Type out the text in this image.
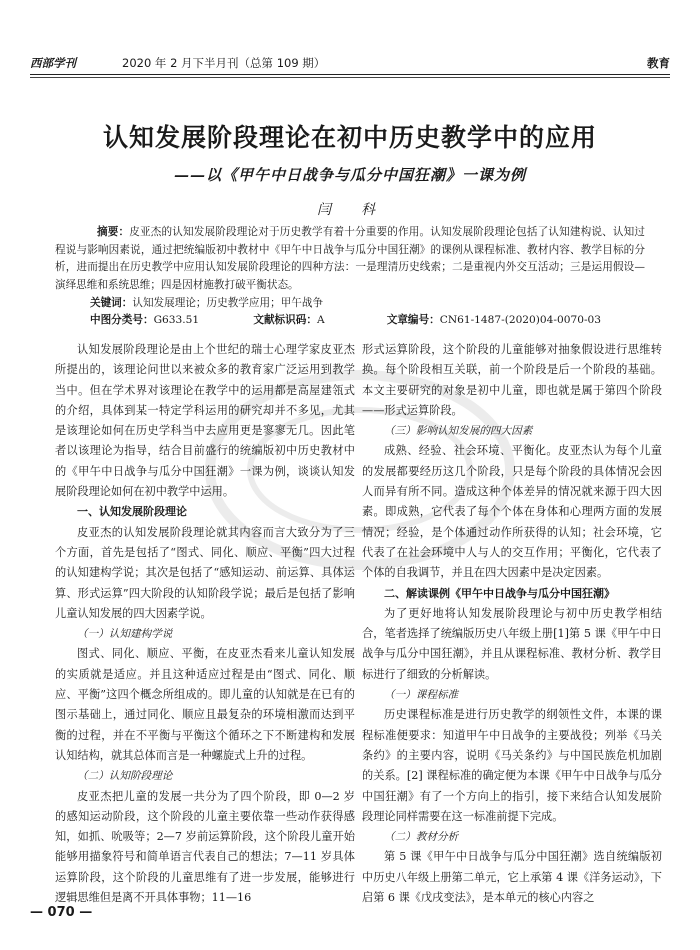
西部学刊	2020 年 2 月下半月刊（总第 109 期）	教育
认知发展阶段理论在初中历史教学中的应用
——以《甲午中日战争与瓜分中国狂潮》一课为例
闫　科
摘要：皮亚杰的认知发展阶段理论对于历史教学有着十分重要的作用。认知发展阶段理论包括了认知建构说、认知过程说与影响因素说，通过把统编版初中教材中《甲午中日战争与瓜分中国狂潮》的课例从课程标准、教材内容、教学目标的分析，进而提出在历史教学中应用认知发展阶段理论的四种方法：一是理清历史线索；二是重视内外交互活动；三是运用假设—演绎思维和系统思维；四是因材施教打破平衡状态。
关键词：认知发展理论；历史教学应用；甲午战争
中图分类号：G633.51	文献标识码：A	文章编号：CN61-1487-(2020)04-0070-03

认知发展阶段理论是由上个世纪的瑞士心理学家皮亚杰所提出的，该理论问世以来被众多的教育家广泛运用到教学当中。但在学术界对该理论在教学中的运用都是高屋建瓴式的介绍，具体到某一特定学科运用的研究却并不多见，尤其是该理论如何在历史学科当中去应用更是寥寥无几。因此笔者以该理论为指导，结合目前盛行的统编版初中历史教材中的《甲午中日战争与瓜分中国狂潮》一课为例，谈谈认知发展阶段理论如何在初中教学中运用。

一、认知发展阶段理论

皮亚杰的认知发展阶段理论就其内容而言大致分为了三个方面，首先是包括了“图式、同化、顺应、平衡”四大过程的认知建构学说；其次是包括了“感知运动、前运算、具体运算、形式运算”四大阶段的认知阶段学说；最后是包括了影响儿童认知发展的四大因素学说。

（一）认知建构学说

图式、同化、顺应、平衡，在皮亚杰看来儿童认知发展的实质就是适应。并且这种适应过程是由“图式、同化、顺应、平衡”这四个概念所组成的。即儿童的认知就是在已有的图示基础上，通过同化、顺应且最复杂的环境相激而达到平衡的过程，并在不平衡与平衡这个循环之下不断建构和发展认知结构，就其总体而言是一种螺旋式上升的过程。

（二）认知阶段理论

皮亚杰把儿童的发展一共分为了四个阶段，即 0—2 岁的感知运动阶段，这个阶段的儿童主要依靠一些动作获得感知，如抓、吮吸等；2—7 岁前运算阶段，这个阶段儿童开始能够用描象符号和简单语言代表自己的想法；7—11 岁具体运算阶段，这个阶段的儿童思维有了进一步发展，能够进行逻辑思维但是离不开具体事物；11—16

形式运算阶段，这个阶段的儿童能够对抽象假设进行思维转换。每个阶段相互关联，前一个阶段是后一个阶段的基础。本文主要研究的对象是初中儿童，即也就是属于第四个阶段——形式运算阶段。

（三）影响认知发展的四大因素

成熟、经验、社会环境、平衡化。皮亚杰认为每个儿童的发展都要经历这几个阶段，只是每个阶段的具体情况会因人而异有所不同。造成这种个体差异的情况就来源于四大因素。即成熟，它代表了每个个体在身体和心理两方面的发展情况；经验，是个体通过动作所获得的认知；社会环境，它代表了在社会环境中人与人的交互作用；平衡化，它代表了个体的自我调节，并且在四大因素中是决定因素。

二、解读课例《甲午中日战争与瓜分中国狂潮》

为了更好地将认知发展阶段理论与初中历史教学相结合，笔者选择了统编版历史八年级上册[1]第 5 课《甲午中日战争与瓜分中国狂潮》，并且从课程标准、教材分析、教学目标进行了细致的分析解读。

（一）课程标准

历史课程标准是进行历史教学的纲领性文件，本课的课程标准便要求：知道甲午中日战争的主要战役；列举《马关条约》的主要内容，说明《马关条约》与中国民族危机加剧的关系。[2] 课程标准的确定便为本课《甲午中日战争与瓜分中国狂潮》有了一个方向上的指引，接下来结合认知发展阶段理论同样需要在这一标准前提下完成。

（二）教材分析

第 5 课《甲午中日战争与瓜分中国狂潮》选自统编版初中历史八年级上册第二单元，它上承第 4 课《洋务运动》，下启第 6 课《戊戌变法》，是本单元的核心内容之

— 070 —
